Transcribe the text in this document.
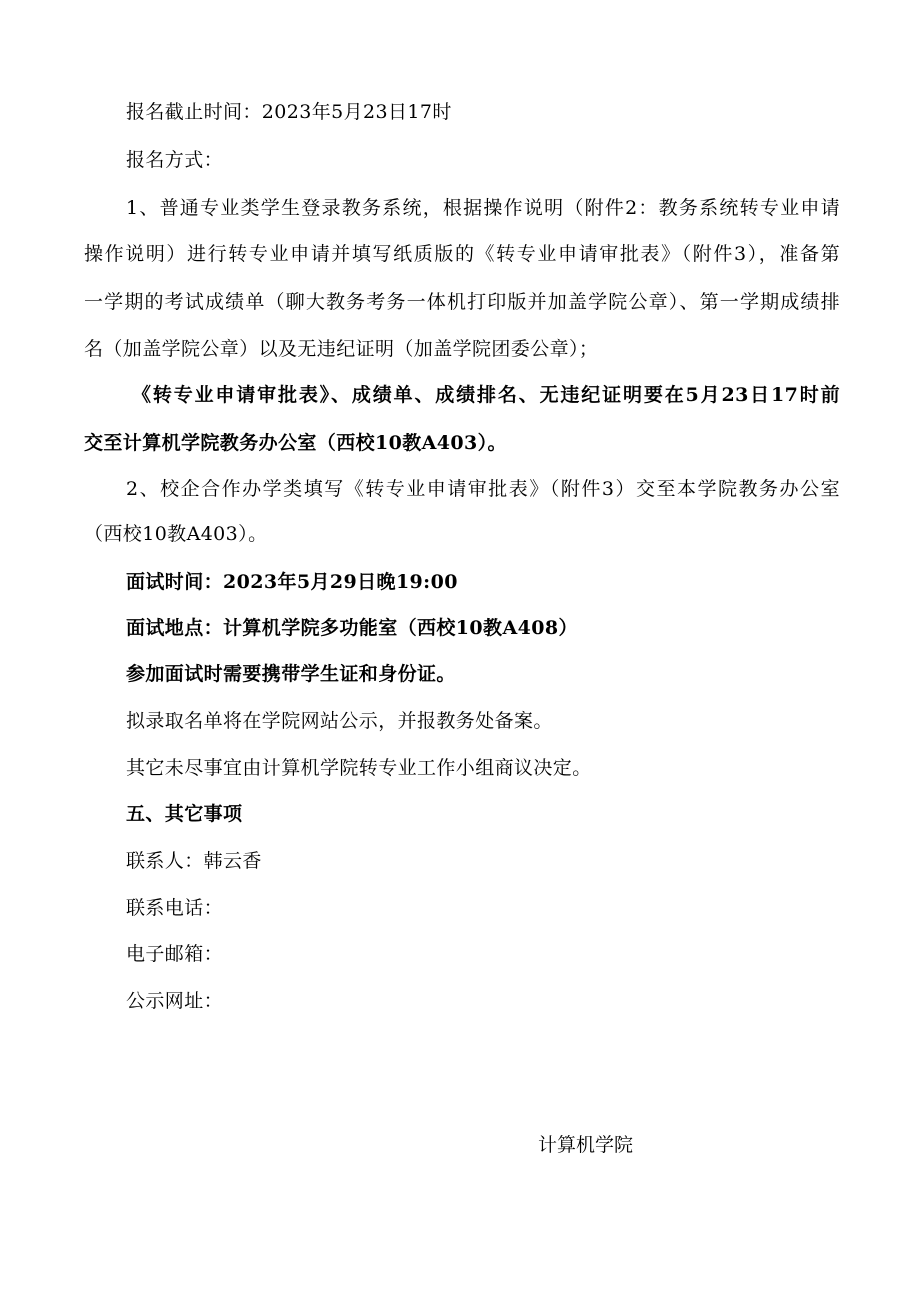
报名截止时间：2023年5月23日17时
报名方式：
1、普通专业类学生登录教务系统，根据操作说明（附件2：教务系统转专业申请
操作说明）进行转专业申请并填写纸质版的《转专业申请审批表》（附件3），准备第
一学期的考试成绩单（聊大教务考务一体机打印版并加盖学院公章）、第一学期成绩排
名（加盖学院公章）以及无违纪证明（加盖学院团委公章）；
《转专业申请审批表》、成绩单、成绩排名、无违纪证明要在5月23日17时前
交至计算机学院教务办公室（西校10教A403）。
2、校企合作办学类填写《转专业申请审批表》（附件3）交至本学院教务办公室
（西校10教A403）。
面试时间：2023年5月29日晚19:00
面试地点：计算机学院多功能室（西校10教A408）
参加面试时需要携带学生证和身份证。
拟录取名单将在学院网站公示，并报教务处备案。
其它未尽事宜由计算机学院转专业工作小组商议决定。
五、其它事项
联系人：韩云香
联系电话：
电子邮箱：
公示网址：
计算机学院
